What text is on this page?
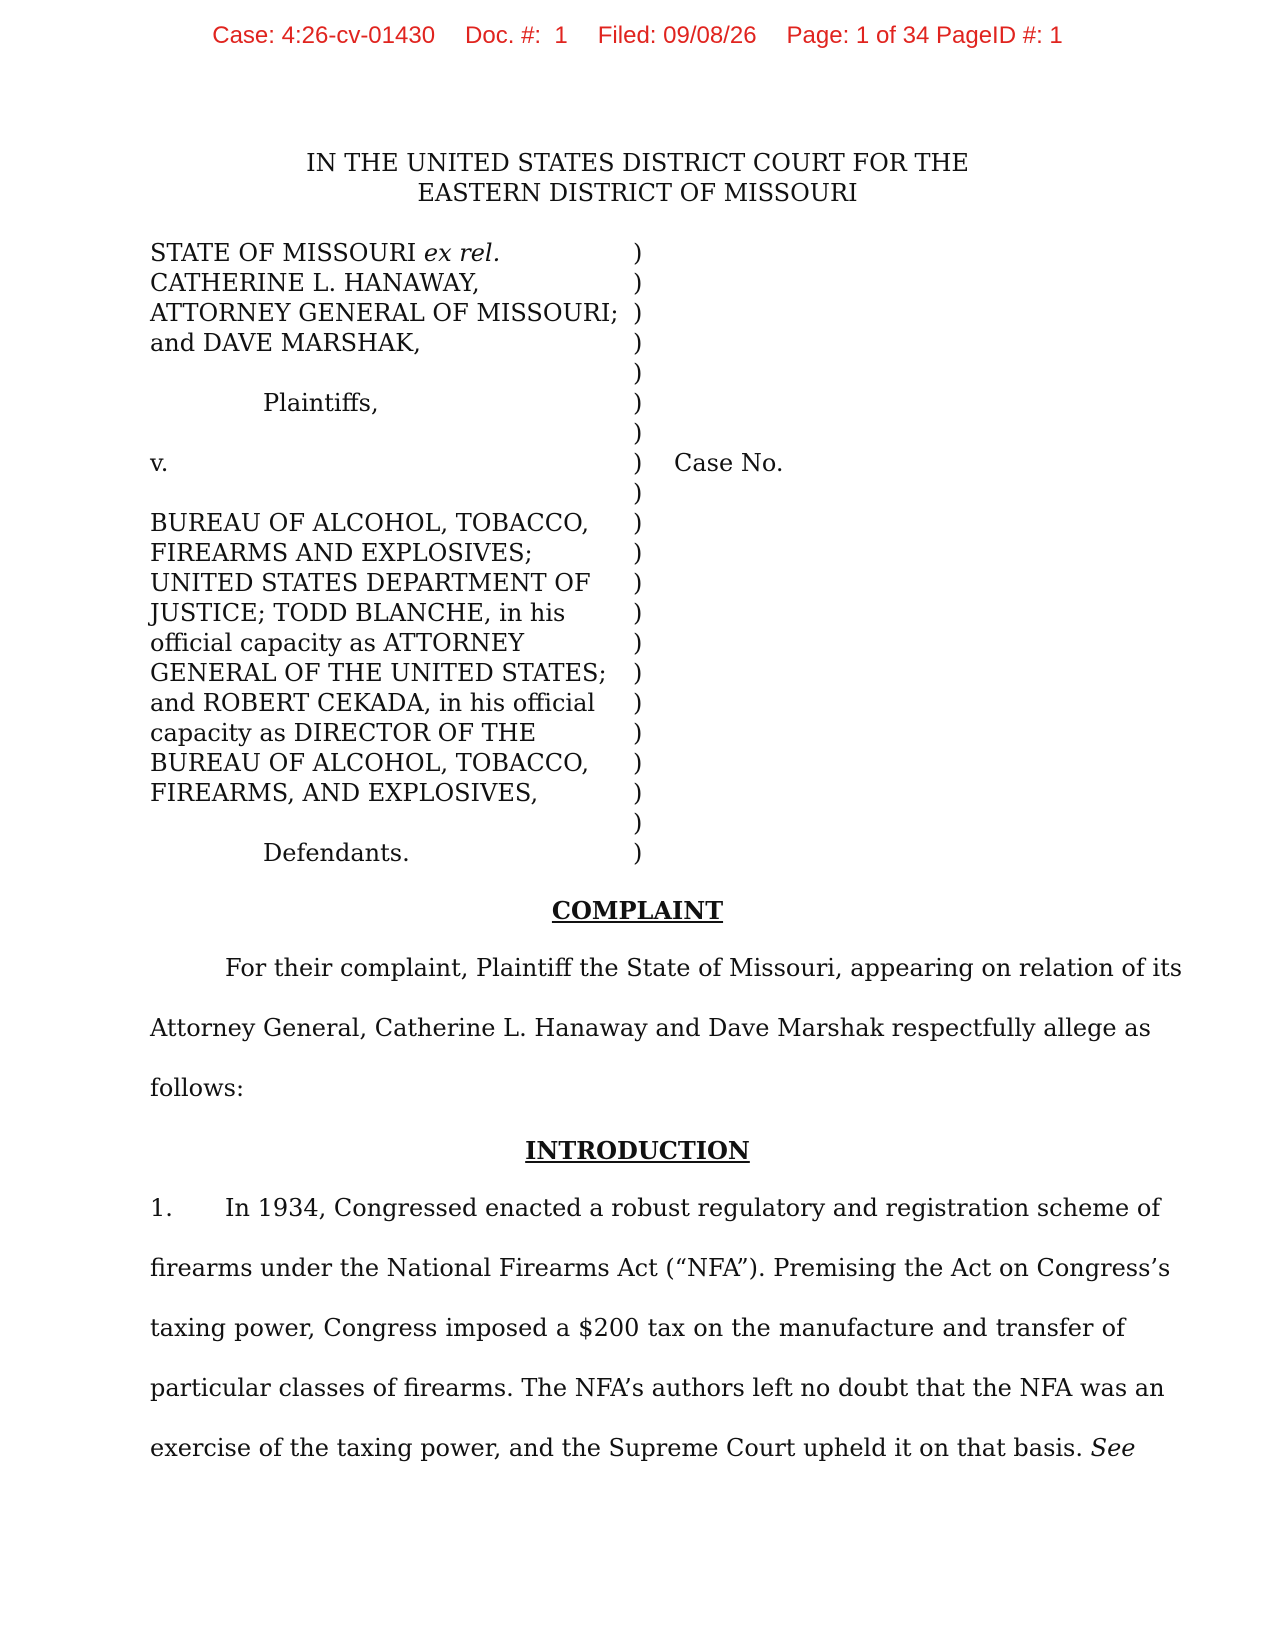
Case: 4:26-cv-01430 Doc. #:  1 Filed: 09/08/26 Page: 1 of 34 PageID #: 1
IN THE UNITED STATES DISTRICT COURT FOR THE
EASTERN DISTRICT OF MISSOURI
STATE OF MISSOURI ex rel.
CATHERINE L. HANAWAY,
ATTORNEY GENERAL OF MISSOURI;
and DAVE MARSHAK,
Plaintiffs,
v.
BUREAU OF ALCOHOL, TOBACCO,
FIREARMS AND EXPLOSIVES;
UNITED STATES DEPARTMENT OF
JUSTICE; TODD BLANCHE, in his
official capacity as ATTORNEY
GENERAL OF THE UNITED STATES;
and ROBERT CEKADA, in his official
capacity as DIRECTOR OF THE
BUREAU OF ALCOHOL, TOBACCO,
FIREARMS, AND EXPLOSIVES,
Defendants.
)
)
)
)
)
)
)
)
)
)
)
)
)
)
)
)
)
)
)
)
)
Case No.
COMPLAINT
For their complaint, Plaintiff the State of Missouri, appearing on relation of its
Attorney General, Catherine L. Hanaway and Dave Marshak respectfully allege as
follows:
INTRODUCTION
1. In 1934, Congressed enacted a robust regulatory and registration scheme of
firearms under the National Firearms Act (“NFA”). Premising the Act on Congress’s
taxing power, Congress imposed a $200 tax on the manufacture and transfer of
particular classes of firearms. The NFA’s authors left no doubt that the NFA was an
exercise of the taxing power, and the Supreme Court upheld it on that basis. See
